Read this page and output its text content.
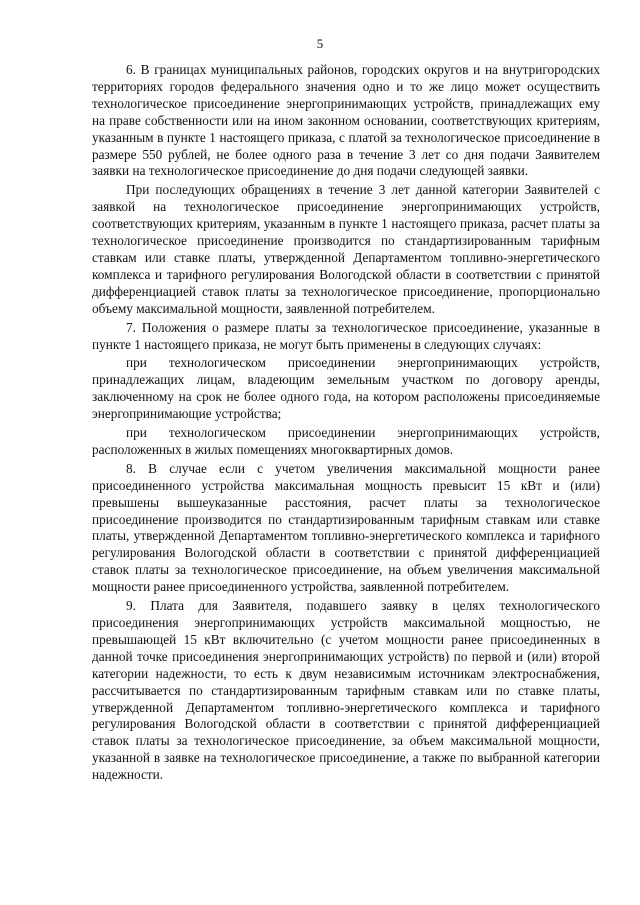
5

6. В границах муниципальных районов, городских округов и на внутригородских территориях городов федерального значения одно и то же лицо может осуществить технологическое присоединение энергопринимающих устройств, принадлежащих ему на праве собственности или на ином законном основании, соответствующих критериям, указанным в пункте 1 настоящего приказа, с платой за технологическое присоединение в размере 550 рублей, не более одного раза в течение 3 лет со дня подачи Заявителем заявки на технологическое присоединение до дня подачи следующей заявки.

При последующих обращениях в течение 3 лет данной категории Заявителей с заявкой на технологическое присоединение энергопринимающих устройств, соответствующих критериям, указанным в пункте 1 настоящего приказа, расчет платы за технологическое присоединение производится по стандартизированным тарифным ставкам или ставке платы, утвержденной Департаментом топливно-энергетического комплекса и тарифного регулирования Вологодской области в соответствии с принятой дифференциацией ставок платы за технологическое присоединение, пропорционально объему максимальной мощности, заявленной потребителем.

7. Положения о размере платы за технологическое присоединение, указанные в пункте 1 настоящего приказа, не могут быть применены в следующих случаях:

при технологическом присоединении энергопринимающих устройств, принадлежащих лицам, владеющим земельным участком по договору аренды, заключенному на срок не более одного года, на котором расположены присоединяемые энергопринимающие устройства;

при технологическом присоединении энергопринимающих устройств, расположенных в жилых помещениях многоквартирных домов.

8. В случае если с учетом увеличения максимальной мощности ранее присоединенного устройства максимальная мощность превысит 15 кВт и (или) превышены вышеуказанные расстояния, расчет платы за технологическое присоединение производится по стандартизированным тарифным ставкам или ставке платы, утвержденной Департаментом топливно-энергетического комплекса и тарифного регулирования Вологодской области в соответствии с принятой дифференциацией ставок платы за технологическое присоединение, на объем увеличения максимальной мощности ранее присоединенного устройства, заявленной потребителем.

9. Плата для Заявителя, подавшего заявку в целях технологического присоединения энергопринимающих устройств максимальной мощностью, не превышающей 15 кВт включительно (с учетом мощности ранее присоединенных в данной точке присоединения энергопринимающих устройств) по первой и (или) второй категории надежности, то есть к двум независимым источникам электроснабжения, рассчитывается по стандартизированным тарифным ставкам или по ставке платы, утвержденной Департаментом топливно-энергетического комплекса и тарифного регулирования Вологодской области в соответствии с принятой дифференциацией ставок платы за технологическое присоединение, за объем максимальной мощности, указанной в заявке на технологическое присоединение, а также по выбранной категории надежности.
